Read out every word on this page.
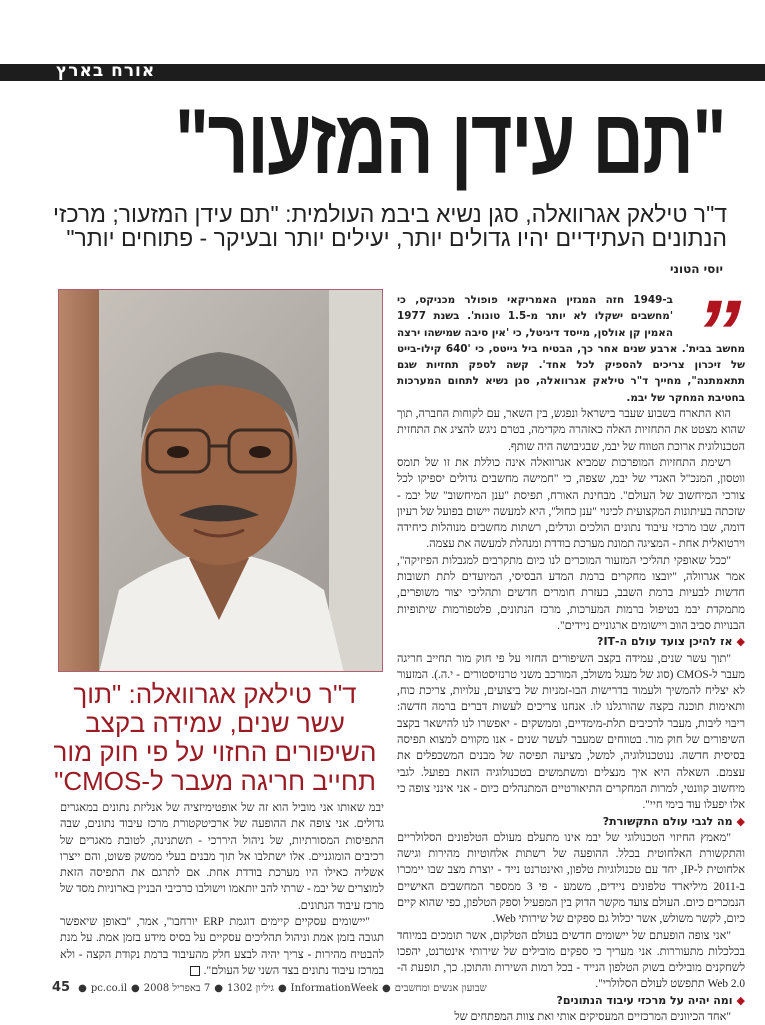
אורח בארץ
"תם עידן המזעור"
ד"ר טילאק אגרוואלה, סגן נשיא ביבמ העולמית: "תם עידן המזעור; מרכזי הנתונים העתידיים יהיו גדולים יותר, יעילים יותר ובעיקר - פתוחים יותר"
יוסי הטוני
ד"ר טילאק אגרוואלה: "תוך עשר שנים, עמידה בקצב השיפורים החזוי על פי חוק מור תחייב חריגה מעבר ל-CMOS"
”

ב-1949 חזה המגזין האמריקאי פופולר מכניקס, כי 'מחשבים ישקלו לא יותר מ-1.5 טונות'. בשנת 1977 האמין קן אולסן, מייסד דיגיטל, כי 'אין סיבה שמישהו ירצה מחשב בבית'. ארבע שנים אחר כך, הבטיח ביל גייטס, כי '640 קילו-בייט של זיכרון צריכים להספיק לכל אחד'. קשה לספק תחזיות שגם תתאמתנה", מחייך ד"ר טילאק אגרוואלה, סגן נשיא לתחום המערכות בחטיבת המחקר של יבמ.

הוא התארח בשבוע שעבר בישראל ונפגש, בין השאר, עם לקוחות החברה, תוך שהוא מצטט את התחזיות האלה כאזהרה מקדימה, בטרם ניגש להציג את התחזית הטכנולוגית ארוכת הטווח של יבמ, שבגיבושה היה שותף.

רשימת התחזיות המופרכות שמביא אגרוואלה אינה כוללת את זו של תומס ווטסון, המנכ"ל האגדי של יבמ, שצפה, כי "חמישה מחשבים גדולים יספיקו לכל צורכי המיחשוב של העולם". מבחינת האורח, תפיסת "ענן המיחשוב" של יבמ - שזכתה בעיתונות המקצועית לכינוי "ענן כחול", היא למעשה יישום בפועל של רעיון דומה, שבו מרכזי עיבוד נתונים הולכים וגדלים, רשתות מחשבים מנוהלות כיחידה וירטואלית אחת - המציגה תמונת מערכת בודדת ומנהלת למעשה את עצמה.

"ככל שאופקי תהליכי המזעור המוכרים לנו כיום מתקרבים למגבלות הפיזיקה", אמר אגרוולה, "יובצו מחקרים ברמת המדע הבסיסי, המיועדים לתת תשובות חדשות לבעיות ברמת השבב, בעזרת חומרים חדשים ותהליכי יצור משופרים, מתמקדת יבמ בטיפול ברמות המערכות, מרכז הנתונים, פלטפורמות שיתופיות הבנויות סביב הווב ויישומים ארגוניים ניידים".

◆אז להיכן צועד עולם ה-IT?

"תוך עשר שנים, עמידה בקצב השיפורים החזוי על פי חוק מור תחייב חריגה מעבר ל-CMOS (סוג של מעגל משולב, המורכב משני טרנזיסטורים - י.ה.). המזעור לא יצליח להמשיך ולעמוד בדרישות הבו-זמניות של ביצועים, עלויות, צריכת כוח, ותאימות תוכנה בקצה שהורגלנו לו. אנחנו צריכים לעשות דברים ברמה חדשה: ריבוי ליבות, מעבר לרכיבים תלת-מימדיים, וממשקים - יאפשרו לנו להישאר בקצב השיפורים של חוק מור. בטווחים שמעבר לעשר שנים - אנו מקווים למצוא תפיסה בסיסית חדשה. ננוטכנולוגיה, למשל, מציעה תפיסה של מבנים המשכפלים את עצמם. השאלה היא איך מנצלים ומשתמשים בטכנולוגיה הזאת בפועל. לגבי מיחשוב קוונטי, למרות המחקרים התיאורטיים המתנהלים כיום - אני אינני צופה כי אלו יפעלו עוד בימי חיי".

◆מה לגבי עולם התקשורת?

"מאמץ החיזוי הטכנולוגי של יבמ אינו מתעלם מעולם הטלפונים הסלולריים והתקשורת האלחוטית בכלל. ההופעה של רשתות אלחוטיות מהירות וגישה אלחוטית ל-IP, יחד עם טכנולוגיות טלפון, ואינטרנט נייד - יוצרת מצב שבו יימכרו ב-2011 מיליארד טלפונים ניידים, משמע - פי 3 ממספר המחשבים האישיים הנמכרים כיום. העולם צועד מקשר הדוק בין המפעיל וספק הטלפון, כפי שהוא קיים כיום, לקשר משולש, אשר יכלול גם ספקים של שירותי Web.

"אני צופה הופעתם של יישומים חדשים בעולם הטלקום, אשר תומכים במיוחד בכלכלות מתעוררות. אני מעריך כי ספקים מובילים של שירותי אינטרנט, יהפכו לשחקנים מובילים בשוק הטלפון הנייד - בכל רמות השירות והתוכן. כך, תופעת ה-Web 2.0 תתפשט לעולם הסלולרי".

◆ומה יהיה על מרכזי עיבוד הנתונים?

"אחד הכיוונים המרכזיים המעסיקים אותי ואת צוות המפתחים של

יבמ שאותו אני מוביל הוא זה של אופטימיזציה של אנליזת נתונים במאגרים גדולים. אני צופה את ההופעה של ארכיטקטורת מרכז עיבוד נתונים, שבה התפיסות המסורתיות, של ניהול היררכי - תשתנינה, לטובת מאגרים של רכיבים הומוגניים. אלו ישתלבו אל תוך מבנים בעלי ממשק פשוט, והם ייצרו אשליה כאילו היו מערכת בודדת אחת. אם לתרגם את התפיסה הזאת למוצרים של יבמ - שרתי להב יותאמו וישולבו כרכיבי הבניין בארוניות מסד של מרכז עיבוד הנתונים.

"יישומים עסקיים קיימים דוגמת ERP יורחבו", אמר, "באופן שיאפשר תגובה בזמן אמת וניהול תהליכים עסקיים על בסיס מידע בזמן אמת. על מנת להבטיח מהירות - צריך יהיה לבצע חלק מהעיבוד ברמת נקודת הקצה - ולא במרכז עיבוד נתונים בצד השני של העולם".

45 ● pc.co.il ● 7 באפריל 2008 ● גיליון 1302 ● InformationWeek ● שבועון אנשים ומחשבים
